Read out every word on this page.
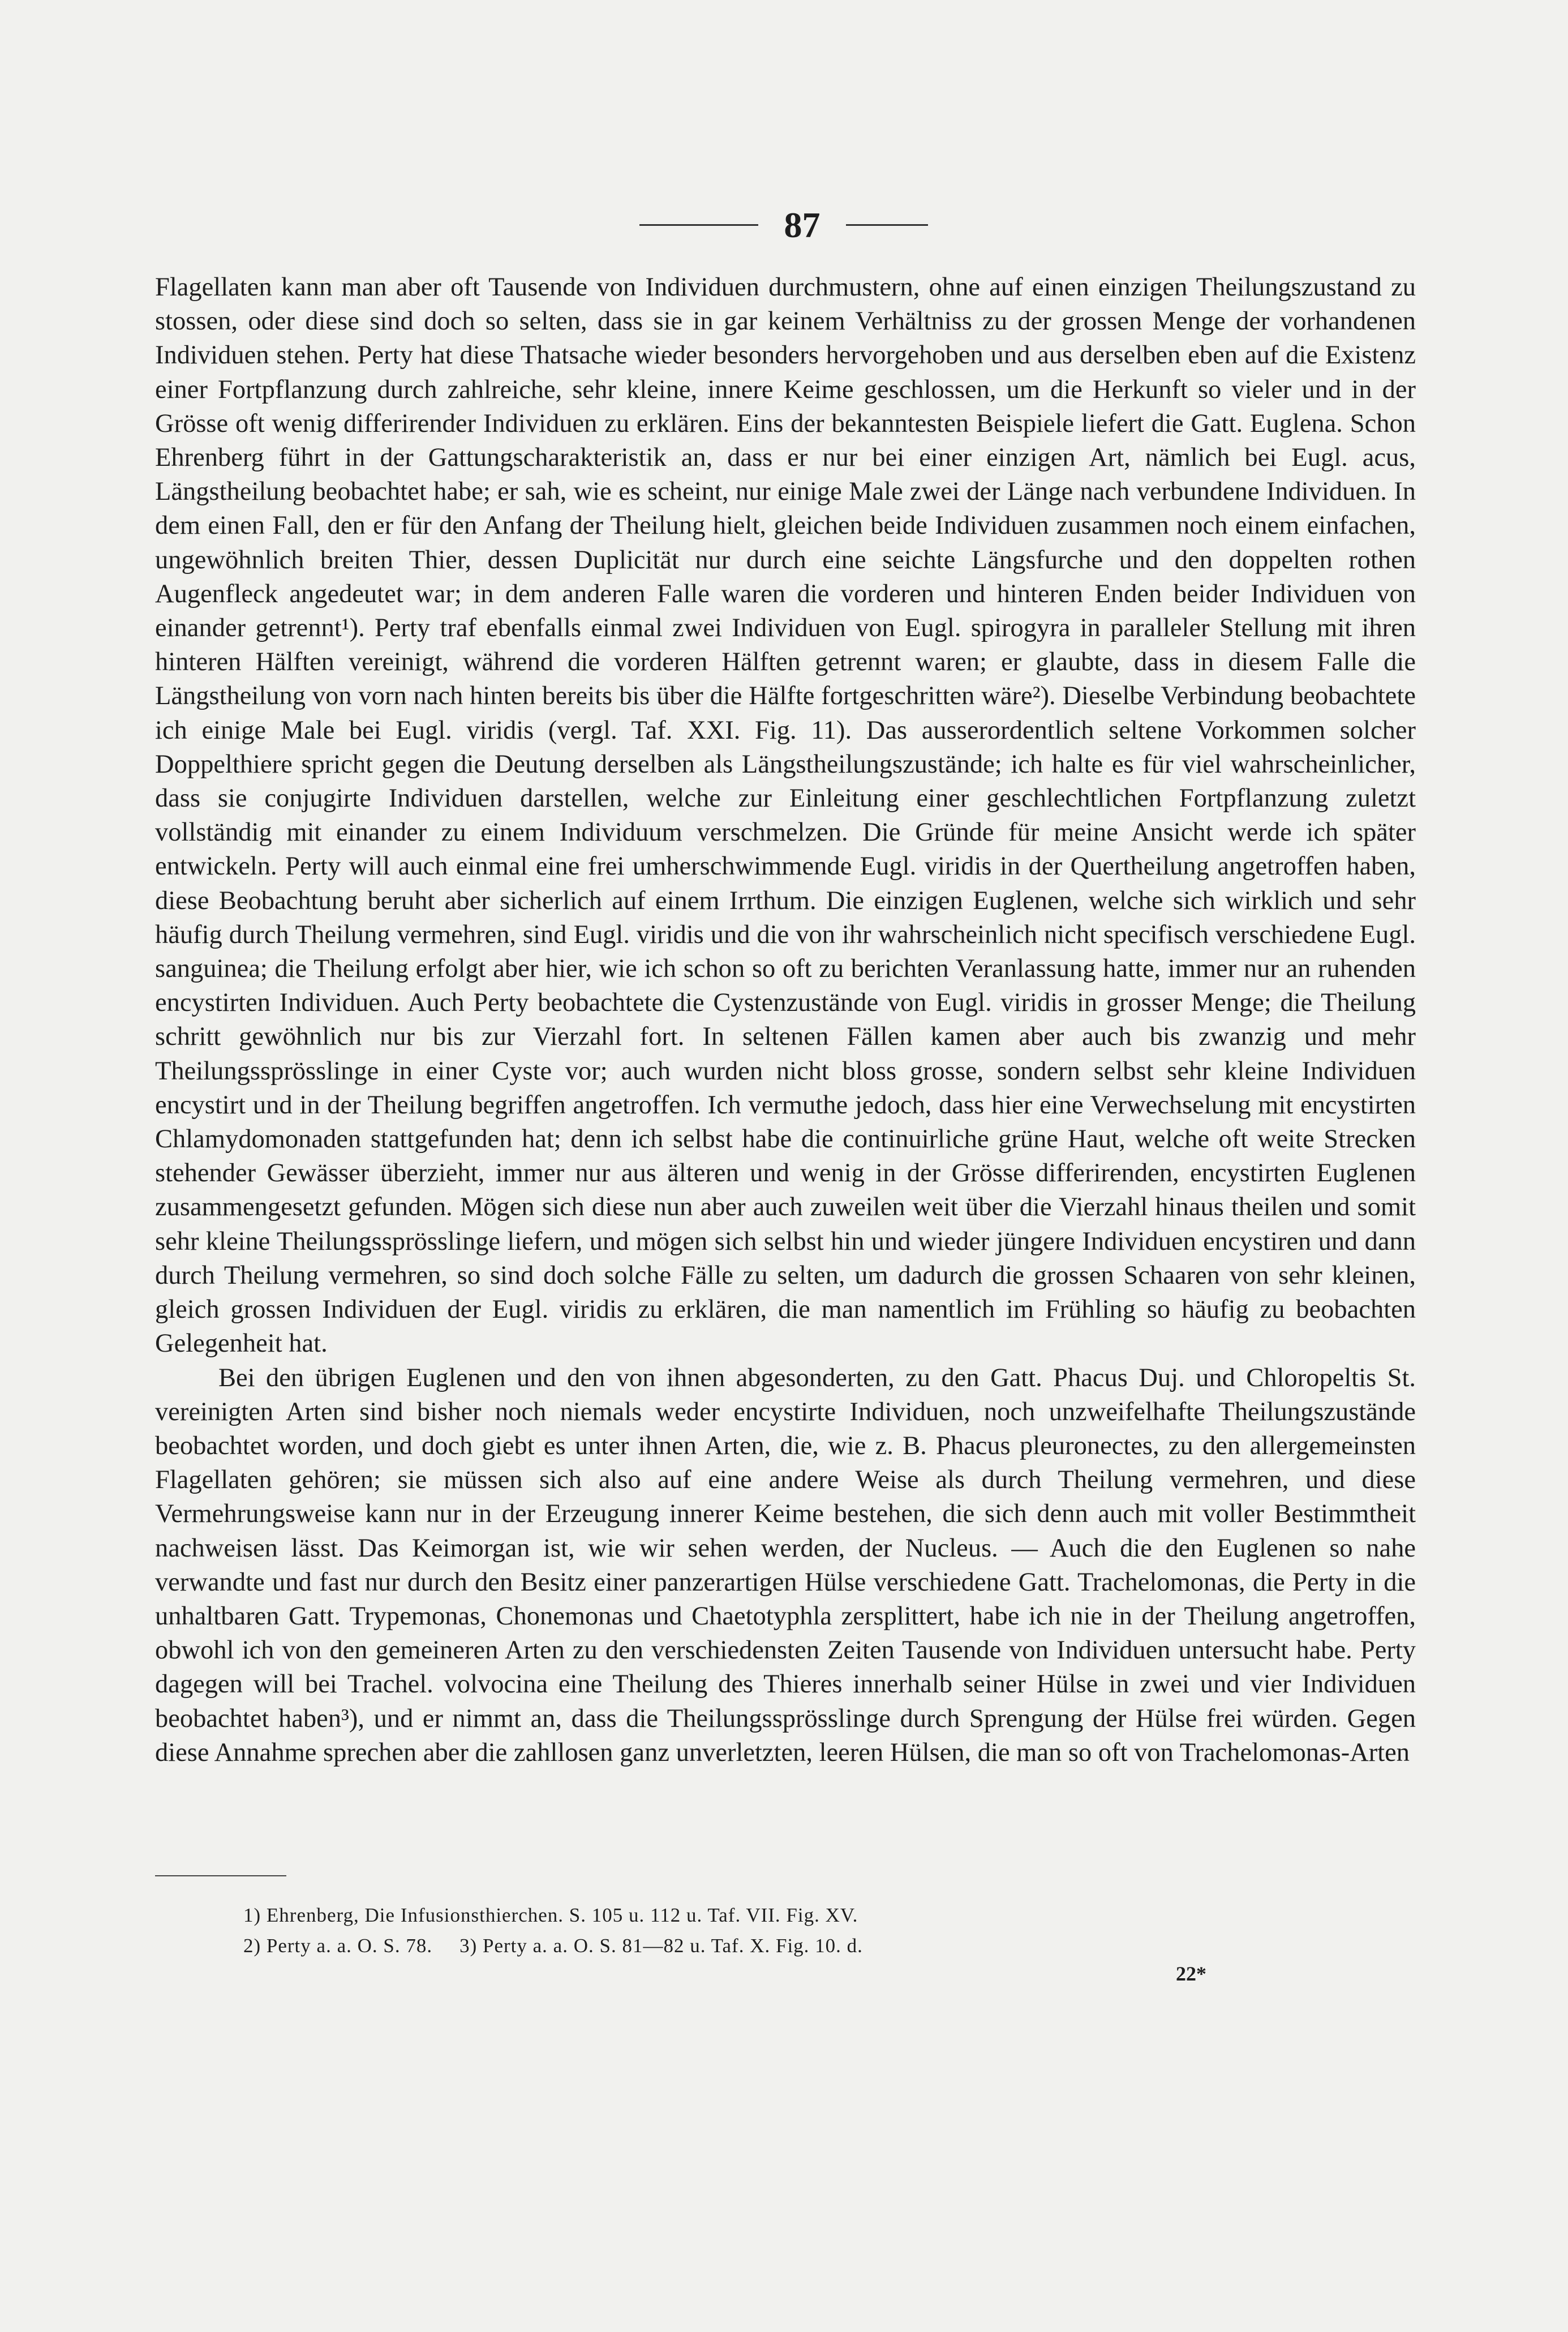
87

Flagellaten kann man aber oft Tausende von Individuen durchmustern, ohne auf einen einzigen Theilungszustand zu stossen, oder diese sind doch so selten, dass sie in gar keinem Verhältniss zu der grossen Menge der vorhandenen Individuen stehen. Perty hat diese Thatsache wieder besonders hervorgehoben und aus derselben eben auf die Existenz einer Fortpflanzung durch zahlreiche, sehr kleine, innere Keime geschlossen, um die Herkunft so vieler und in der Grösse oft wenig differirender Individuen zu erklären. Eins der bekanntesten Beispiele liefert die Gatt. Euglena. Schon Ehrenberg führt in der Gattungscharakteristik an, dass er nur bei einer einzigen Art, nämlich bei Eugl. acus, Längstheilung beobachtet habe; er sah, wie es scheint, nur einige Male zwei der Länge nach verbundene Individuen. In dem einen Fall, den er für den Anfang der Theilung hielt, gleichen beide Individuen zusammen noch einem einfachen, ungewöhnlich breiten Thier, dessen Duplicität nur durch eine seichte Längsfurche und den doppelten rothen Augenfleck angedeutet war; in dem anderen Falle waren die vorderen und hinteren Enden beider Individuen von einander getrennt¹). Perty traf ebenfalls einmal zwei Individuen von Eugl. spirogyra in paralleler Stellung mit ihren hinteren Hälften vereinigt, während die vorderen Hälften getrennt waren; er glaubte, dass in diesem Falle die Längstheilung von vorn nach hinten bereits bis über die Hälfte fortgeschritten wäre²). Dieselbe Verbindung beobachtete ich einige Male bei Eugl. viridis (vergl. Taf. XXI. Fig. 11). Das ausserordentlich seltene Vorkommen solcher Doppelthiere spricht gegen die Deutung derselben als Längstheilungszustände; ich halte es für viel wahrscheinlicher, dass sie conjugirte Individuen darstellen, welche zur Einleitung einer geschlechtlichen Fortpflanzung zuletzt vollständig mit einander zu einem Individuum verschmelzen. Die Gründe für meine Ansicht werde ich später entwickeln. Perty will auch einmal eine frei umherschwimmende Eugl. viridis in der Quertheilung angetroffen haben, diese Beobachtung beruht aber sicherlich auf einem Irrthum. Die einzigen Euglenen, welche sich wirklich und sehr häufig durch Theilung vermehren, sind Eugl. viridis und die von ihr wahrscheinlich nicht specifisch verschiedene Eugl. sanguinea; die Theilung erfolgt aber hier, wie ich schon so oft zu berichten Veranlassung hatte, immer nur an ruhenden encystirten Individuen. Auch Perty beobachtete die Cystenzustände von Eugl. viridis in grosser Menge; die Theilung schritt gewöhnlich nur bis zur Vierzahl fort. In seltenen Fällen kamen aber auch bis zwanzig und mehr Theilungssprösslinge in einer Cyste vor; auch wurden nicht bloss grosse, sondern selbst sehr kleine Individuen encystirt und in der Theilung begriffen angetroffen. Ich vermuthe jedoch, dass hier eine Verwechselung mit encystirten Chlamydomonaden stattgefunden hat; denn ich selbst habe die continuirliche grüne Haut, welche oft weite Strecken stehender Gewässer überzieht, immer nur aus älteren und wenig in der Grösse differirenden, encystirten Euglenen zusammengesetzt gefunden. Mögen sich diese nun aber auch zuweilen weit über die Vierzahl hinaus theilen und somit sehr kleine Theilungssprösslinge liefern, und mögen sich selbst hin und wieder jüngere Individuen encystiren und dann durch Theilung vermehren, so sind doch solche Fälle zu selten, um dadurch die grossen Schaaren von sehr kleinen, gleich grossen Individuen der Eugl. viridis zu erklären, die man namentlich im Frühling so häufig zu beobachten Gelegenheit hat.

Bei den übrigen Euglenen und den von ihnen abgesonderten, zu den Gatt. Phacus Duj. und Chloropeltis St. vereinigten Arten sind bisher noch niemals weder encystirte Individuen, noch unzweifelhafte Theilungszustände beobachtet worden, und doch giebt es unter ihnen Arten, die, wie z. B. Phacus pleuronectes, zu den allergemeinsten Flagellaten gehören; sie müssen sich also auf eine andere Weise als durch Theilung vermehren, und diese Vermehrungsweise kann nur in der Erzeugung innerer Keime bestehen, die sich denn auch mit voller Bestimmtheit nachweisen lässt. Das Keimorgan ist, wie wir sehen werden, der Nucleus. — Auch die den Euglenen so nahe verwandte und fast nur durch den Besitz einer panzerartigen Hülse verschiedene Gatt. Trachelomonas, die Perty in die unhaltbaren Gatt. Trypemonas, Chonemonas und Chaetotyphla zersplittert, habe ich nie in der Theilung angetroffen, obwohl ich von den gemeineren Arten zu den verschiedensten Zeiten Tausende von Individuen untersucht habe. Perty dagegen will bei Trachel. volvocina eine Theilung des Thieres innerhalb seiner Hülse in zwei und vier Individuen beobachtet haben³), und er nimmt an, dass die Theilungssprösslinge durch Sprengung der Hülse frei würden. Gegen diese Annahme sprechen aber die zahllosen ganz unverletzten, leeren Hülsen, die man so oft von Trachelomonas-Arten

1) Ehrenberg, Die Infusionsthierchen. S. 105 u. 112 u. Taf. VII. Fig. XV.

2) Perty a. a. O. S. 78. 3) Perty a. a. O. S. 81—82 u. Taf. X. Fig. 10. d.

22*
